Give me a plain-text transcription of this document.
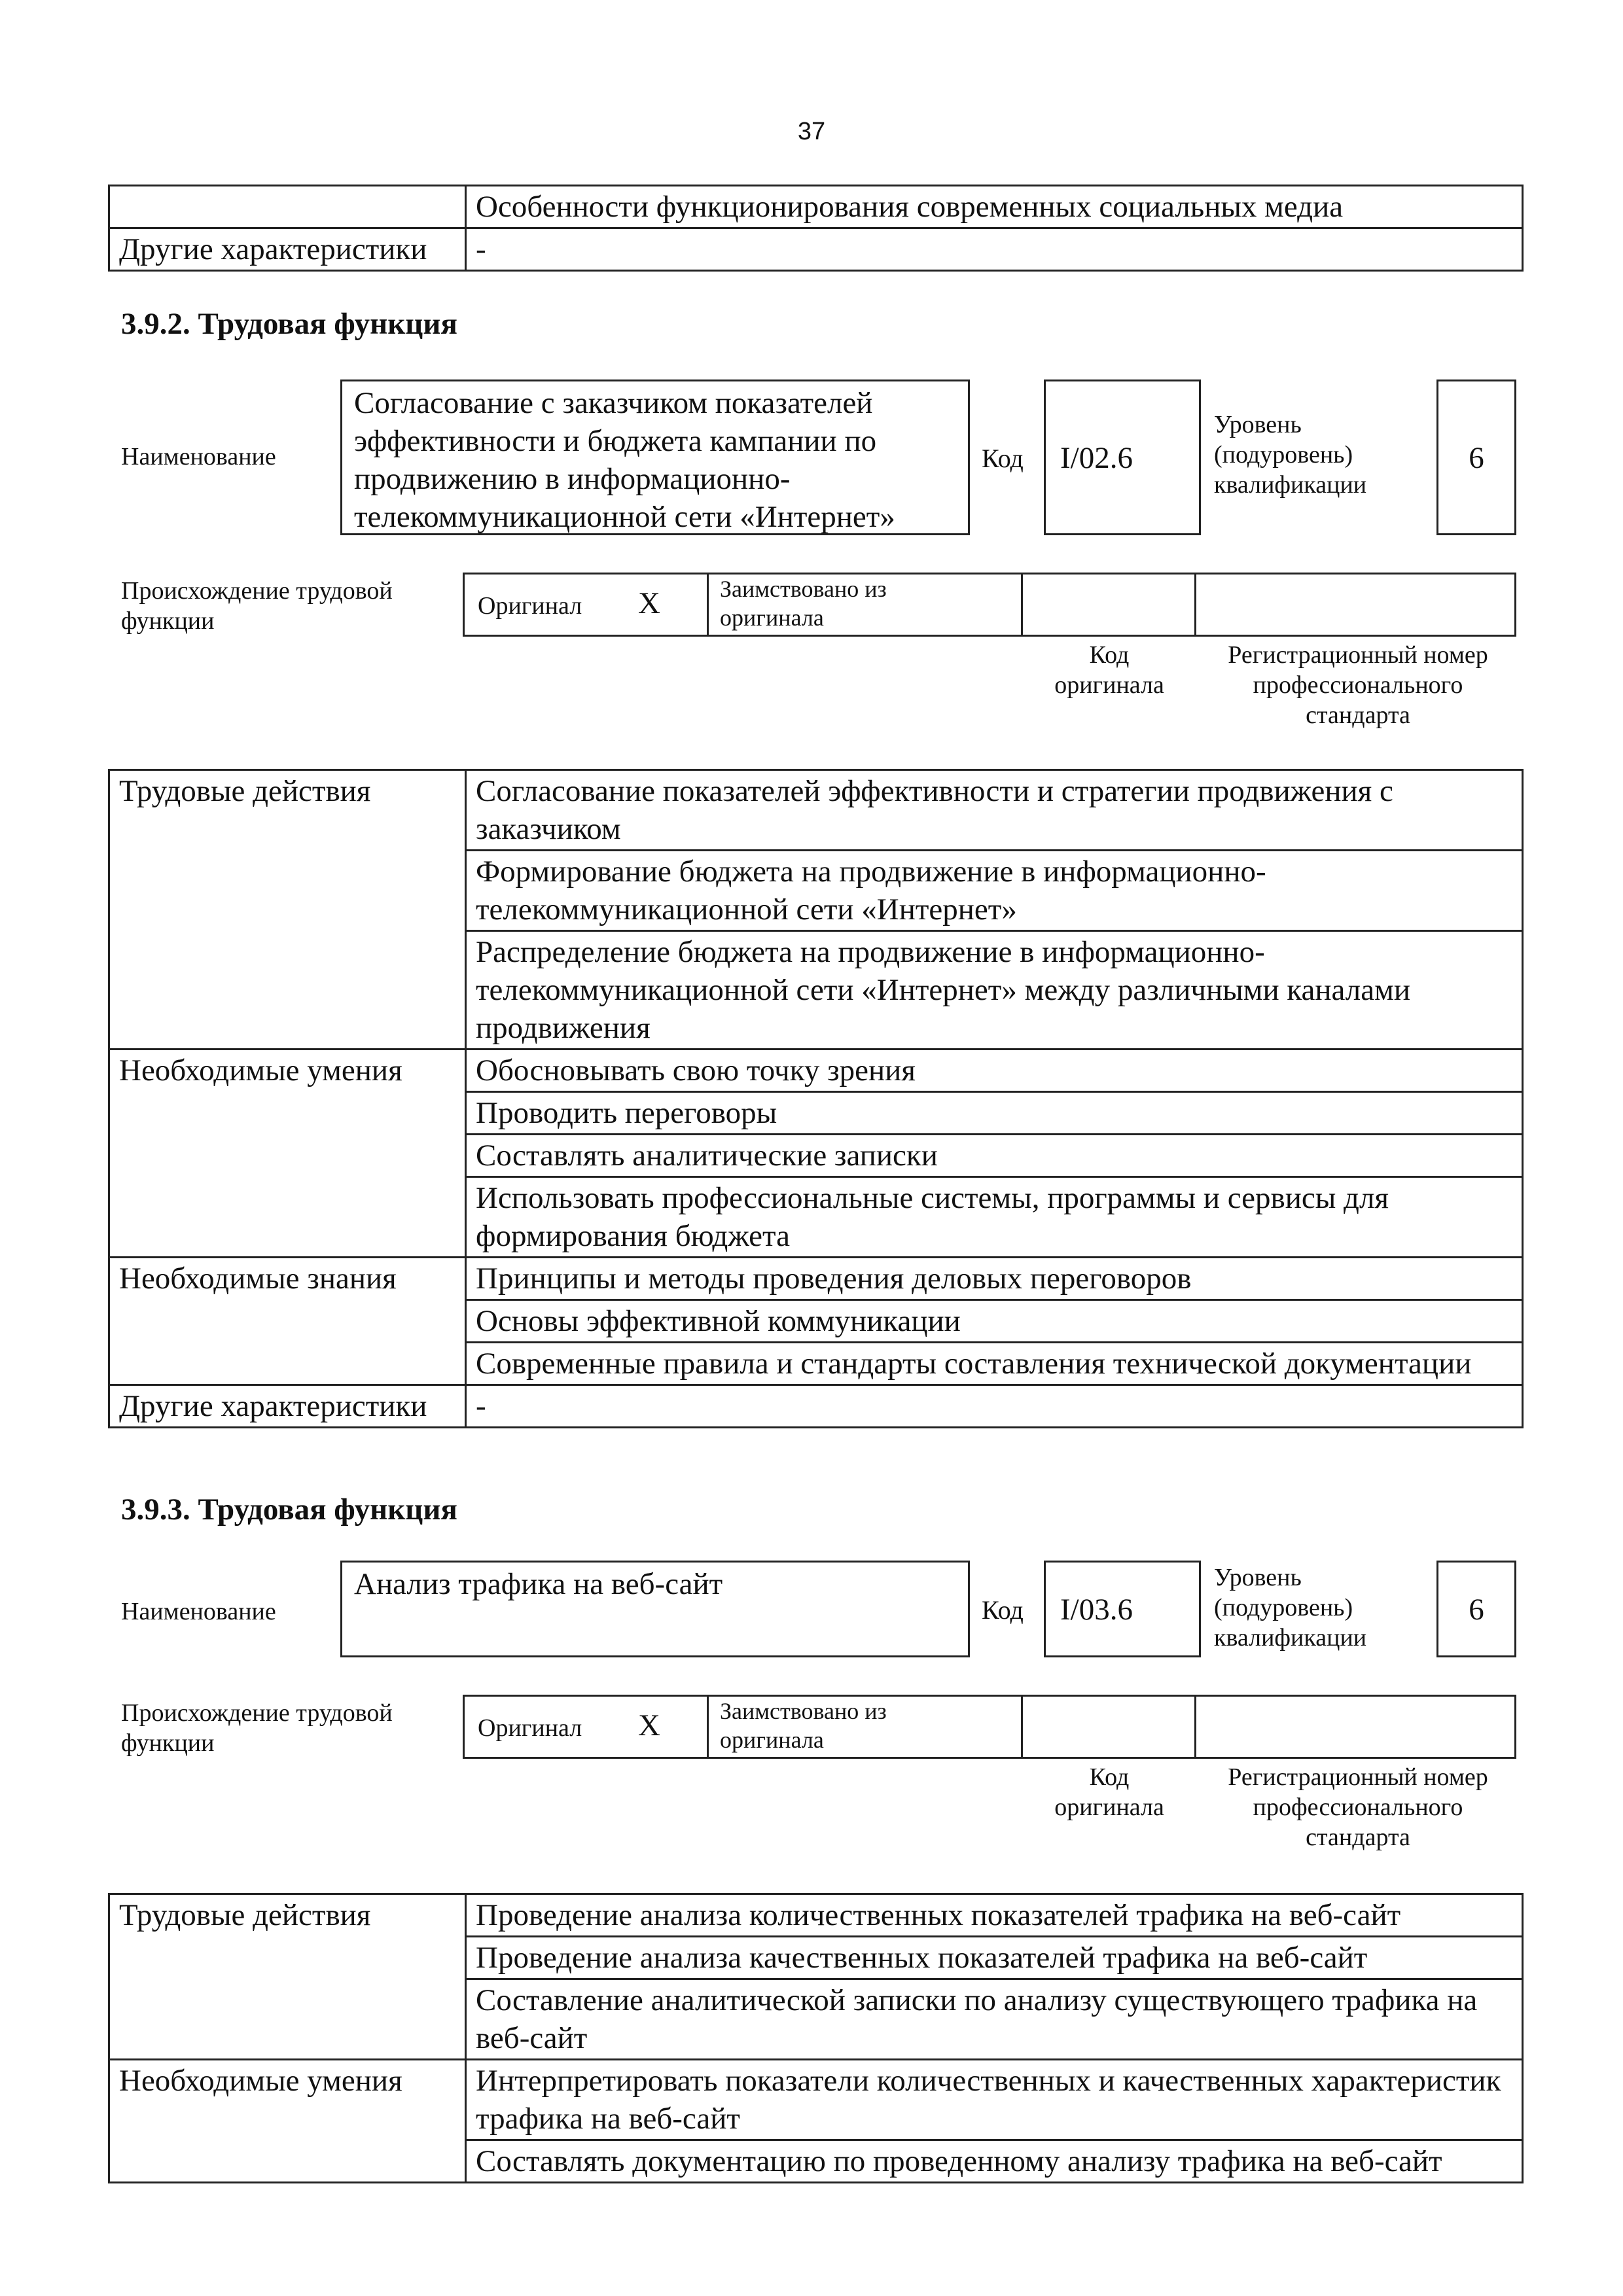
37
	Особенности функционирования современных социальных медиа
Другие характеристики	-
3.9.2. Трудовая функция
Наименование
Согласование с заказчиком показателей эффективности и бюджета кампании по продвижению в информационно-телекоммуникационной сети «Интернет»
Код I/02.6
Уровень (подуровень) квалификации
6
Происхождение трудовой функции
Оригинал X	Заимствовано из оригинала
Код оригинала
Регистрационный номер профессионального стандарта
Трудовые действия	Согласование показателей эффективности и стратегии продвижения с заказчиком
	Формирование бюджета на продвижение в информационно-телекоммуникационной сети «Интернет»
	Распределение бюджета на продвижение в информационно-телекоммуникационной сети «Интернет» между различными каналами продвижения
Необходимые умения	Обосновывать свою точку зрения
	Проводить переговоры
	Составлять аналитические записки
	Использовать профессиональные системы, программы и сервисы для формирования бюджета
Необходимые знания	Принципы и методы проведения деловых переговоров
	Основы эффективной коммуникации
	Современные правила и стандарты составления технической документации
Другие характеристики	-
3.9.3. Трудовая функция
Наименование
Анализ трафика на веб-сайт
Код I/03.6
Уровень (подуровень) квалификации
6
Происхождение трудовой функции
Оригинал X	Заимствовано из оригинала
Код оригинала
Регистрационный номер профессионального стандарта
Трудовые действия	Проведение анализа количественных показателей трафика на веб-сайт
	Проведение анализа качественных показателей трафика на веб-сайт
	Составление аналитической записки по анализу существующего трафика на веб-сайт
Необходимые умения	Интерпретировать показатели количественных и качественных характеристик трафика на веб-сайт
	Составлять документацию по проведенному анализу трафика на веб-сайт
